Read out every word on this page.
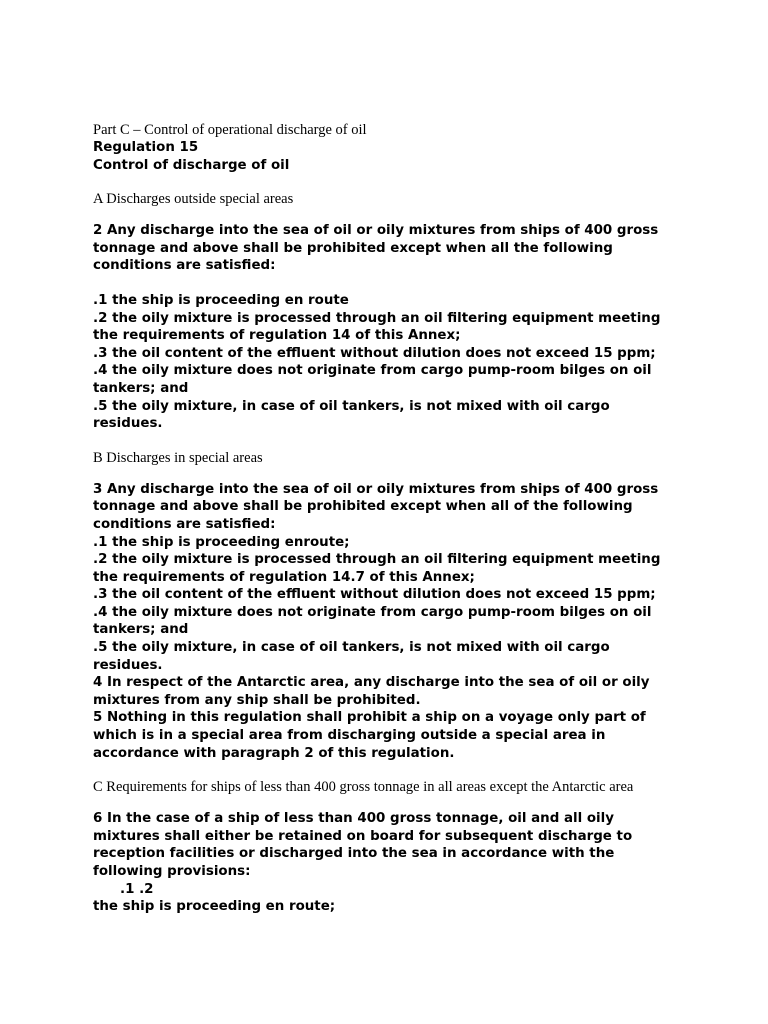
Part C – Control of operational discharge of oil
Regulation 15
Control of discharge of oil
A Discharges outside special areas
2 Any discharge into the sea of oil or oily mixtures from ships of 400 gross
tonnage and above shall be prohibited except when all the following
conditions are satisfied:
.1 the ship is proceeding en route
.2 the oily mixture is processed through an oil filtering equipment meeting
the requirements of regulation 14 of this Annex;
.3 the oil content of the effluent without dilution does not exceed 15 ppm;
.4 the oily mixture does not originate from cargo pump-room bilges on oil
tankers; and
.5 the oily mixture, in case of oil tankers, is not mixed with oil cargo
residues.
B Discharges in special areas
3 Any discharge into the sea of oil or oily mixtures from ships of 400 gross
tonnage and above shall be prohibited except when all of the following
conditions are satisfied:
.1 the ship is proceeding enroute;
.2 the oily mixture is processed through an oil filtering equipment meeting
the requirements of regulation 14.7 of this Annex;
.3 the oil content of the effluent without dilution does not exceed 15 ppm;
.4 the oily mixture does not originate from cargo pump-room bilges on oil
tankers; and
.5 the oily mixture, in case of oil tankers, is not mixed with oil cargo
residues.
4 In respect of the Antarctic area, any discharge into the sea of oil or oily
mixtures from any ship shall be prohibited.
5 Nothing in this regulation shall prohibit a ship on a voyage only part of
which is in a special area from discharging outside a special area in
accordance with paragraph 2 of this regulation.
C Requirements for ships of less than 400 gross tonnage in all areas except the Antarctic area
6 In the case of a ship of less than 400 gross tonnage, oil and all oily
mixtures shall either be retained on board for subsequent discharge to
reception facilities or discharged into the sea in accordance with the
following provisions:
.1 .2
the ship is proceeding en route;
